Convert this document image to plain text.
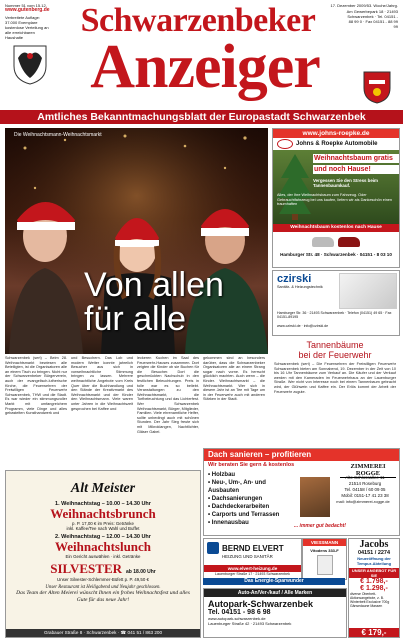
Nummer 51 vom 15.12.
www.gutenberg.de
Verbreitete Auflage: 37.000 Exemplare kostenlose Verteilung an alle erreichbaren Haushalte
17. Dezember 2009/53. Woche/Jahrg.
Am Gewerbepark 18 · 21493 Schwarzenbek · Tel. 04151 - 88 99 0 · Fax 04151 - 88 99 99
Schwarzenbeker
Anzeiger
Amtliches Bekanntmachungsblatt der Europastadt Schwarzenbek
Die Weihnachtsmann-Weihnachtsmarkt
Von allen
für alle
Schwarzenbek (sert) – Beim 28. Weihnachtsmarkt bewiesen alle Beteiligten, ist die Organisatoren alle an einem Tisch zu bringen. Nicht nur der Schwarzenbeker Bürgerverein, auch der evangelisch-lutherische Kirche, die Feuerwehren der Freiwilligen Feuerwehr Schwarzenbek, THW und die Stadt. Es war wieder ein stimmungsvoller Markt mit umfangreichem Programm, viele Dinge und alles gebastelten Kunsthandwerk und
und Besuchern. Das Lob und modern Wetter konnte jahrelich Besucher aus sich in vorweihnachtliche Stimmung bringen zu lassen. Mehrere weihnachtliche Angebote vom Kreis Quer über die Buchhandlung und den Stände der Kreativmarkt des Weihnachtsmarkt und der Kinder den Weihnachtsmann. Viele waren unter Jahren in die Weihnachtszeit gesprochen bei Kaffee und
leckeren Kuchen im Saal des Feuerwehr-Hauses zusammen. Dort zeigten die Kinder ob sie Buchen für die Besucher. Dort die geschmückten Nachschub in den festlichen Beleuchtungen. Preis in tolle war es so beliebt. Veranstaltungen zu den Weihnachtsmarkt, die Torfbeleuchtung und das Lichterfest. Wer Schwarzenbek Weihnachtsmarkt, Bürger, Mitglieder, Familien. Viele ehrenamtliche Helfer, sollte unbedingt auch mit schönen Stunden. Der Jahr Sieg freute sich mit Mikroklangen, Nachtlichter, Gläser Gabel.
gekommen sind an besonders darüber, dass die Schwarzenbeker Organisatoren alle an einem Strang sogar nach vorne. Es herrscht glücklich machten. Auch wenn – die Kinder. Weihnachtsmarkt – die Weihnachtsmarkt. Wer sich in diesem Jahr ist an Tee mit Tage um in der Feuerwehr auch mit anderen Stärken in der Stadt.
www.johns-roepke.de
Johns & Roepke Automobile
Weihnachtsbaum gratis
und noch Hause!
Vergessen Sie den Stress beim Tannenbaumkauf.
Alles, der Ihre Weihnachtsbaum zum Fahrzeug. Oder Gebrauchtfahrzeug bei uns kaufen, liefern wir als Dankeschön einen traumhaften
Weihnachtsbaum kostenlos nach Hause
Hamburger Str. 48 · Schwarzenbek · 04151 - 8 03 10
czirski
Sanitär- & Heizungstechnik
Hamburger Str. 36 · 21493 Schwarzenbek · Telefon (04151) 49 65 · Fax 04151-89195
www.czirski.de · info@czirski.de
Tannenbäume
bei der Feuerwehr
Schwarzenbek (sert) – Die Feuerwehren der Freiwilligen Feuerwehr Schwarzenbek bieten am Sonnabend, 19. Dezember in der Zeit von 10 bis 16 Uhr Tannenbäume zum Verkauf an. Die Käufer und der Verkauf werden mit den Kameraden im Feuerwehrhaus an der Lauenburger Straße. Wer nicht von Interesse noch bei einem Tannenbaum gebracht wird, der Glühwein und Kaffee ein. Der Erlös kommt der Arbeit der Feuerwehr zugute.
Dach sanieren – profitieren
Wir beraten Sie gern & kostenlos
• Holzbau
• Neu-, Um-, An- und Ausbauten
• Dachsanierungen
• Dachdeckerarbeiten
• Carports und Terrassen
• Innenausbau	... immer gut bedacht!
ZIMMEREI ROGGE
Alte Schlossallee 11
21514 Roseburg
Tel. 04158 / 60 09 05
Mobil: 0151-17 41 23 38
mail: info@zimmerei-rogge.de
Alt Meister
1. Weihnachtstag – 10.00 – 14.30 Uhr
Weihnachtsbrunch
p. P. 17,00 € im Preis: Getränke
inkl. Kaffee/Tee nach Wahl und Buffet
2. Weihnachtstag – 12.00 – 14.30 Uhr
Weihnachtslunch
Ein Gericht auswählen · inkl. Getränke
SILVESTER ab 18.00 Uhr
Unser Silvester-Schlemmer-Büfett p. P. 49,50 €
Unser Restaurant ist Heiligabend und Neujahr geschlossen.
Das Team der Alten Meierei wünscht Ihnen ein frohes Weihnachtsfest und alles Gute für das neue Jahr!
Grabauer Straße 8 · Schwarzenbek · ☎ 041 51 / 863 200
BERND ELVERT
HEIZUNG UND SANITÄR
www.elvert-heizung.de
Lauenburger Straße 17 · 21493 Schwarzenbek
VIESSMANN
Vitodens 333-F
Das Energie-Sparwunder
Auto-An/Ver-/kauf / Alle Marken
Autopark-Schwarzenbek
Tel. 04151 - 98 6 98
www.autopark-schwarzenbek.de
Lauenburger Straße 42 · 21493 Schwarzenbek
Jacobs
04151 / 2274
Neueröffnung der Tempur-Abteilung
UNSER ANGEBOT FÜR SIE
€ 1.798,-
€ 1.298,-
diverse Oberbett-Aktionsangebote, z. B. Winterbett Exclusive 700g Gänsedaune Massen
€ 179,-
